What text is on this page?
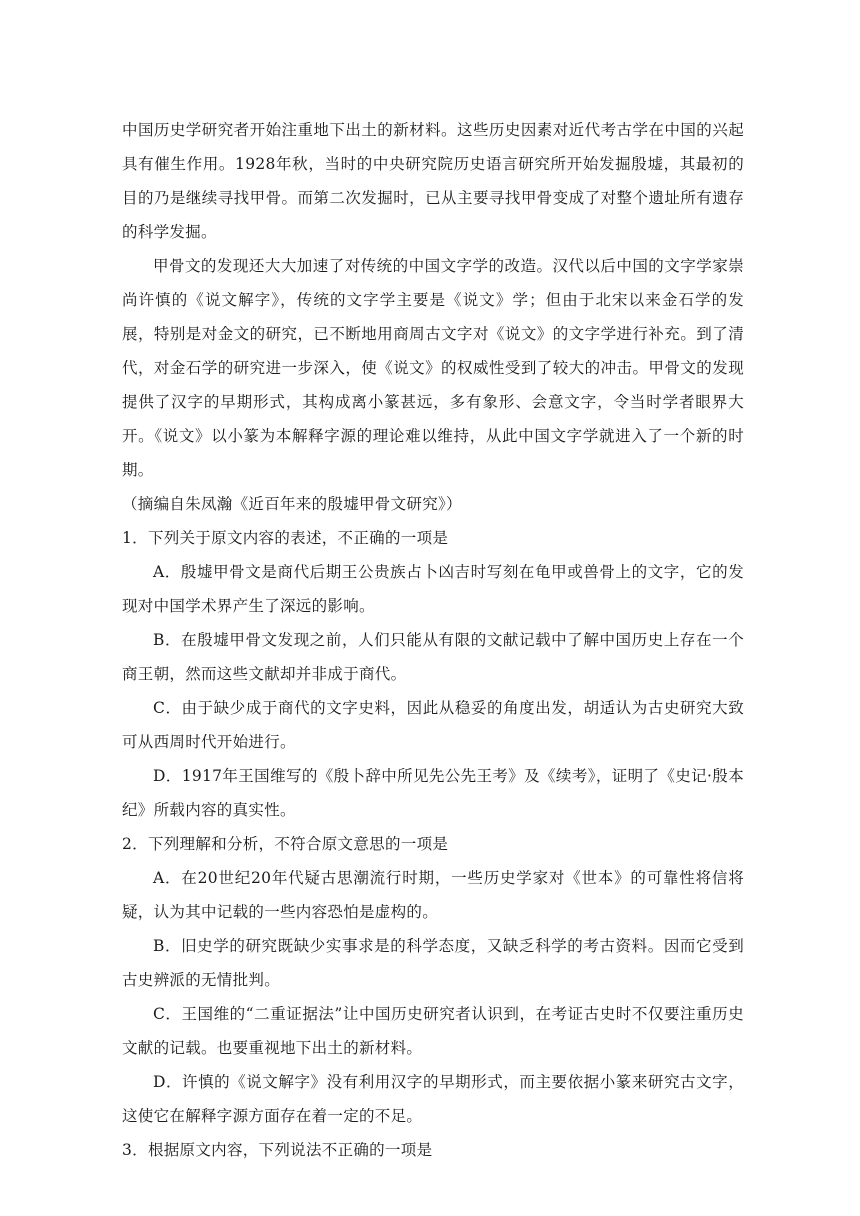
中国历史学研究者开始注重地下出土的新材料。这些历史因素对近代考古学在中国的兴起具有催生作用。1928年秋，当时的中央研究院历史语言研究所开始发掘殷墟，其最初的目的乃是继续寻找甲骨。而第二次发掘时，已从主要寻找甲骨变成了对整个遗址所有遗存的科学发掘。

甲骨文的发现还大大加速了对传统的中国文字学的改造。汉代以后中国的文字学家崇尚许慎的《说文解字》，传统的文字学主要是《说文》学；但由于北宋以来金石学的发展，特别是对金文的研究，已不断地用商周古文字对《说文》的文字学进行补充。到了清代，对金石学的研究进一步深入，使《说文》的权威性受到了较大的冲击。甲骨文的发现提供了汉字的早期形式，其构成离小篆甚远，多有象形、会意文字，令当时学者眼界大开。《说文》以小篆为本解释字源的理论难以维持，从此中国文字学就进入了一个新的时期。

（摘编自朱凤瀚《近百年来的殷墟甲骨文研究》）

1．下列关于原文内容的表述，不正确的一项是

A．殷墟甲骨文是商代后期王公贵族占卜凶吉时写刻在龟甲或兽骨上的文字，它的发现对中国学术界产生了深远的影响。

B．在殷墟甲骨文发现之前，人们只能从有限的文献记载中了解中国历史上存在一个商王朝，然而这些文献却并非成于商代。

C．由于缺少成于商代的文字史料，因此从稳妥的角度出发，胡适认为古史研究大致可从西周时代开始进行。

D．1917年王国维写的《殷卜辞中所见先公先王考》及《续考》，证明了《史记·殷本纪》所载内容的真实性。

2．下列理解和分析，不符合原文意思的一项是

A．在20世纪20年代疑古思潮流行时期，一些历史学家对《世本》的可靠性将信将疑，认为其中记载的一些内容恐怕是虚构的。

B．旧史学的研究既缺少实事求是的科学态度，又缺乏科学的考古资料。因而它受到古史辨派的无情批判。

C．王国维的“二重证据法”让中国历史研究者认识到，在考证古史时不仅要注重历史文献的记载。也要重视地下出土的新材料。

D．许慎的《说文解字》没有利用汉字的早期形式，而主要依据小篆来研究古文字，这使它在解释字源方面存在着一定的不足。

3．根据原文内容，下列说法不正确的一项是
